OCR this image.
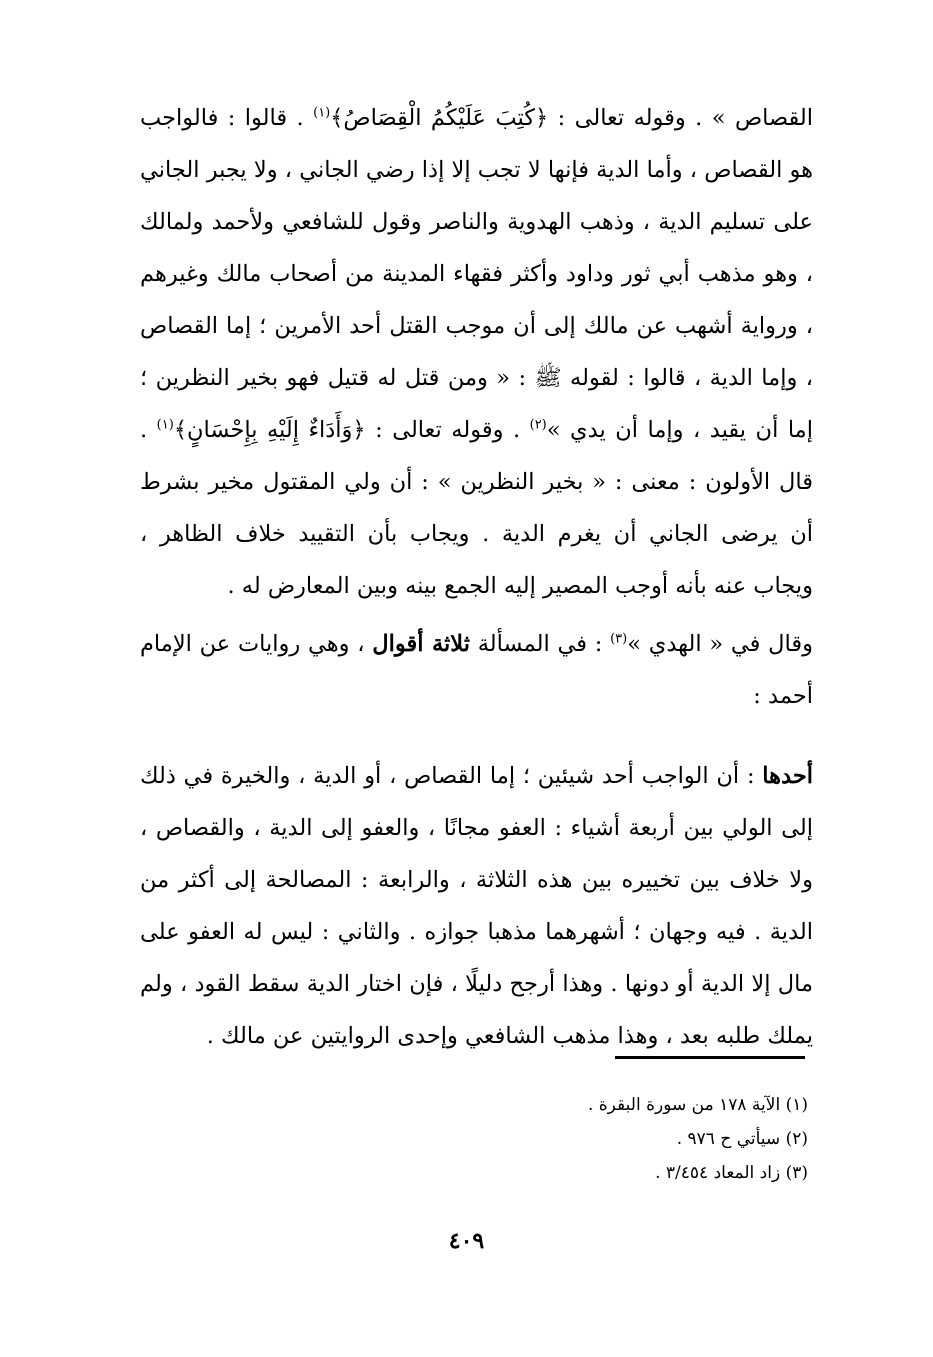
القصاص » . وقوله تعالى : ﴿كُتِبَ عَلَيْكُمُ الْقِصَاصُ﴾$^{(١)}$ . قالوا : فالواجب هو القصاص ، وأما الدية فإنها لا تجب إلا إذا رضي الجاني ، ولا يجبر الجاني على تسليم الدية ، وذهب الهدوية والناصر وقول للشافعي ولأحمد ولمالك ، وهو مذهب أبي ثور وداود وأكثر فقهاء المدينة من أصحاب مالك وغيرهم ، ورواية أشهب عن مالك إلى أن موجب القتل أحد الأمرين ؛ إما القصاص ، وإما الدية ، قالوا : لقوله ﷺ : « ومن قتل له قتيل فهو بخير النظرين ؛ إما أن يقيد ، وإما أن يدي »$^{(٢)}$ . وقوله تعالى : ﴿وَأَدَاءٌ إِلَيْهِ بِإِحْسَانٍ﴾$^{(١)}$ . قال الأولون : معنى : « بخير النظرين » : أن ولي المقتول مخير بشرط أن يرضى الجاني أن يغرم الدية . ويجاب بأن التقييد خلاف الظاهر ، ويجاب عنه بأنه أوجب المصير إليه الجمع بينه وبين المعارض له .

وقال في « الهدي »$^{(٣)}$ : في المسألة ثلاثة أقوال ، وهي روايات عن الإمام أحمد :

أحدها : أن الواجب أحد شيئين ؛ إما القصاص ، أو الدية ، والخيرة في ذلك إلى الولي بين أربعة أشياء : العفو مجانًا ، والعفو إلى الدية ، والقصاص ، ولا خلاف بين تخييره بين هذه الثلاثة ، والرابعة : المصالحة إلى أكثر من الدية . فيه وجهان ؛ أشهرهما مذهبا جوازه . والثاني : ليس له العفو على مال إلا الدية أو دونها . وهذا أرجح دليلًا ، فإن اختار الدية سقط القود ، ولم يملك طلبه بعد ، وهذا مذهب الشافعي وإحدى الروايتين عن مالك .

(١) الآية ١٧٨ من سورة البقرة .

(٢) سيأتي ح ٩٧٦ .

(٣) زاد المعاد ٣/٤٥٤ .

٤٠٩
